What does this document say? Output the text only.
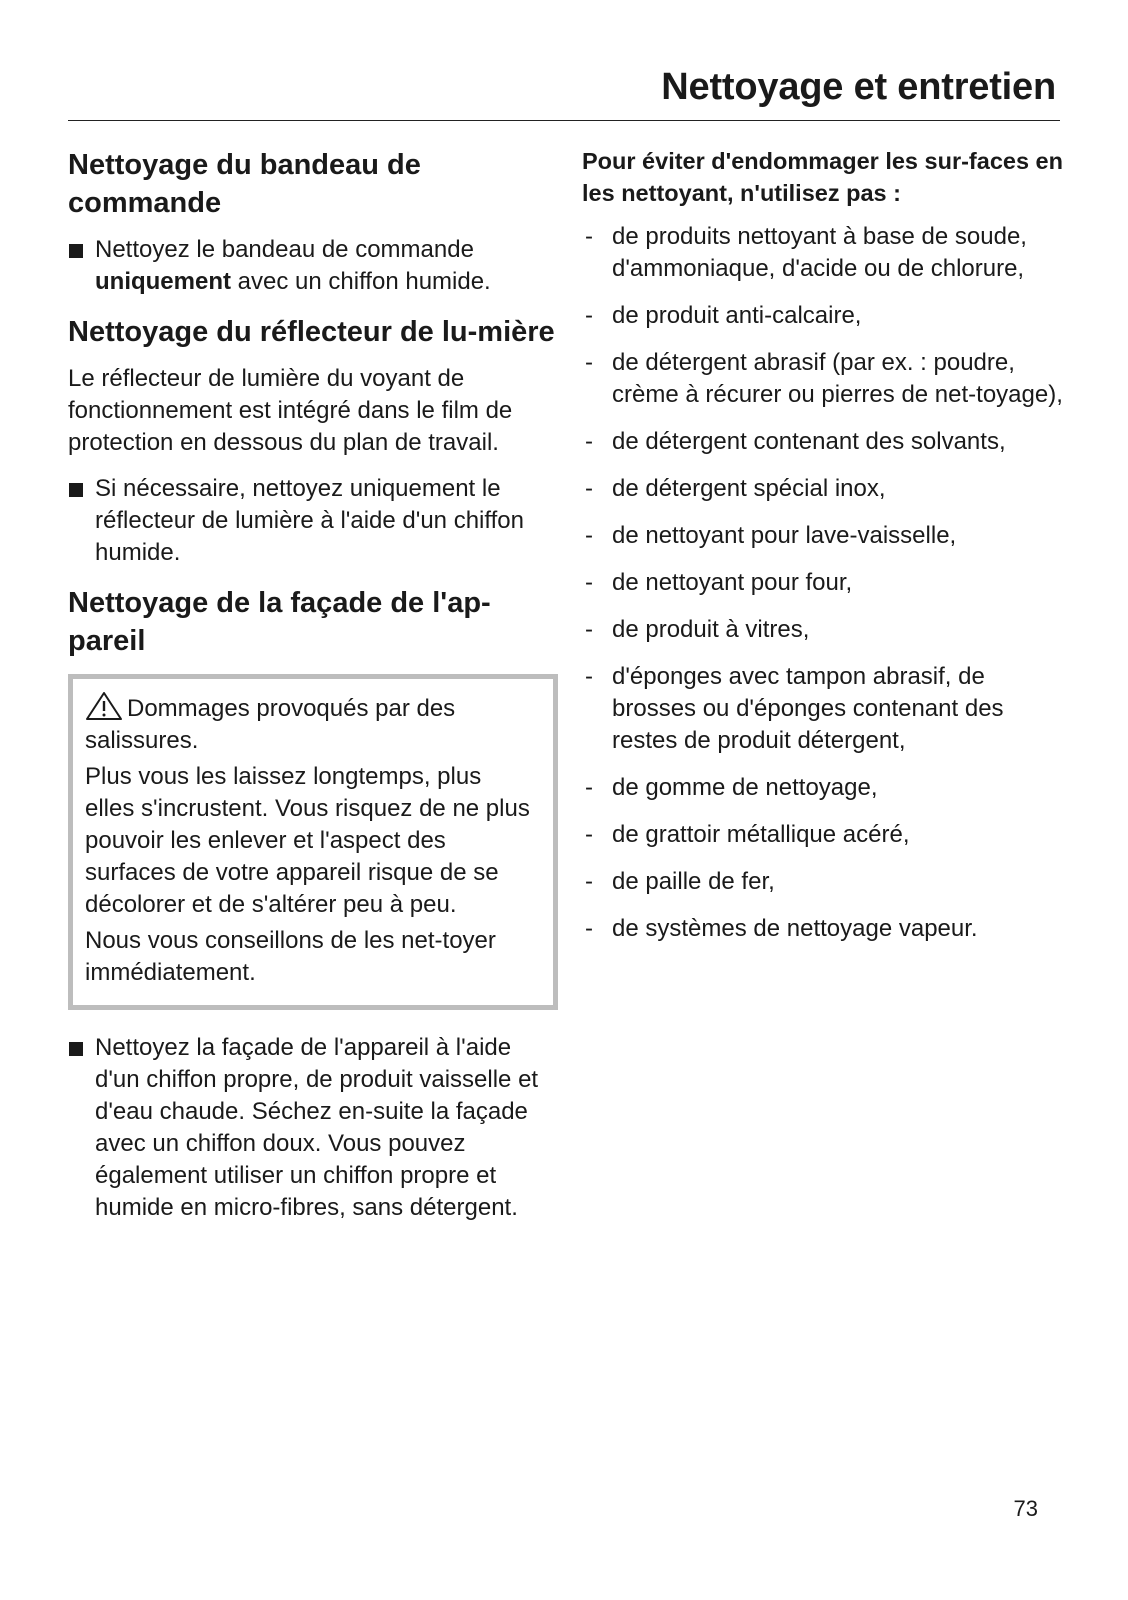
Nettoyage et entretien
Nettoyage du bandeau de commande
Nettoyez le bandeau de commande uniquement avec un chiffon humide.
Nettoyage du réflecteur de lu-mière

Le réflecteur de lumière du voyant de fonctionnement est intégré dans le film de protection en dessous du plan de travail.

Si nécessaire, nettoyez uniquement le réflecteur de lumière à l'aide d'un chiffon humide.
Nettoyage de la façade de l'ap-pareil

Dommages provoqués par des salissures.

Plus vous les laissez longtemps, plus elles s'incrustent. Vous risquez de ne plus pouvoir les enlever et l'aspect des surfaces de votre appareil risque de se décolorer et de s'altérer peu à peu.

Nous vous conseillons de les net-toyer immédiatement.

Nettoyez la façade de l'appareil à l'aide d'un chiffon propre, de produit vaisselle et d'eau chaude. Séchez en-suite la façade avec un chiffon doux. Vous pouvez également utiliser un chiffon propre et humide en micro-fibres, sans détergent.

Pour éviter d'endommager les sur-faces en les nettoyant, n'utilisez pas :

- de produits nettoyant à base de soude, d'ammoniaque, d'acide ou de chlorure,
- de produit anti-calcaire,
- de détergent abrasif (par ex. : poudre, crème à récurer ou pierres de net-toyage),
- de détergent contenant des solvants,
- de détergent spécial inox,
- de nettoyant pour lave-vaisselle,
- de nettoyant pour four,
- de produit à vitres,
- d'éponges avec tampon abrasif, de brosses ou d'éponges contenant des restes de produit détergent,
- de gomme de nettoyage,
- de grattoir métallique acéré,
- de paille de fer,
- de systèmes de nettoyage vapeur.
73
